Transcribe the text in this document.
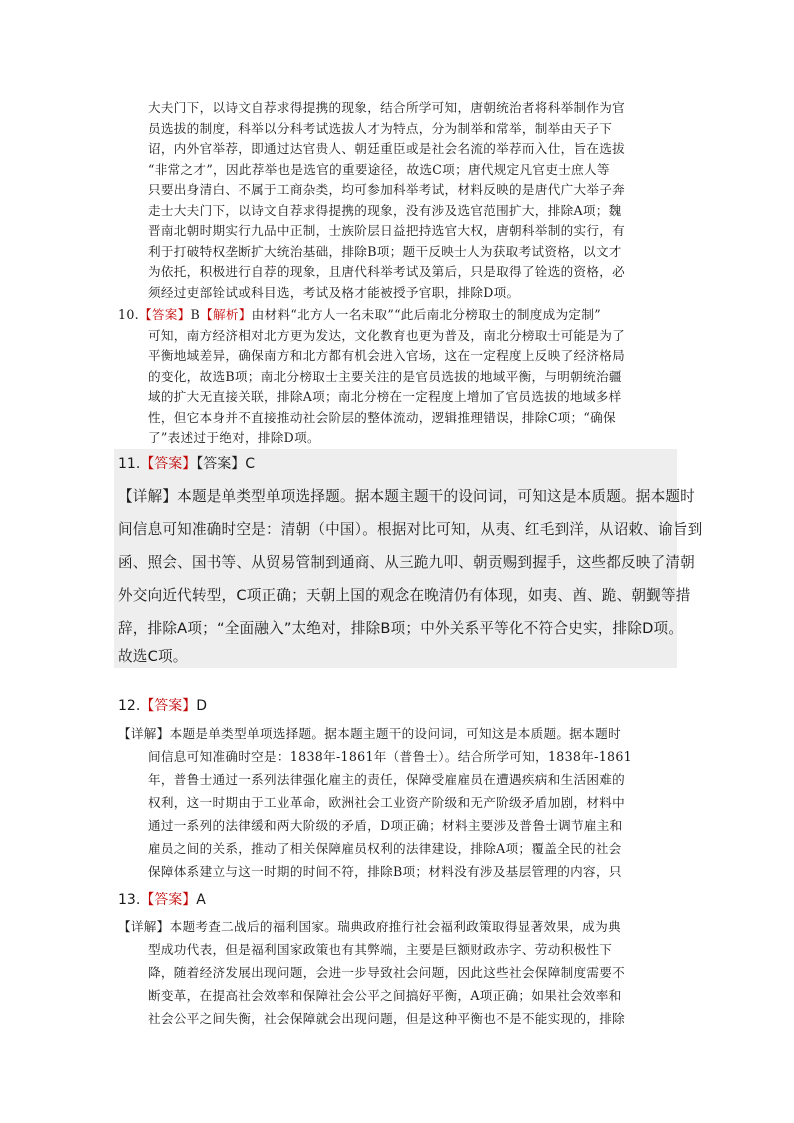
大夫门下，以诗文自荐求得提携的现象，结合所学可知，唐朝统治者将科举制作为官
员选拔的制度，科举以分科考试选拔人才为特点，分为制举和常举，制举由天子下
诏，内外官举荐，即通过达官贵人、朝廷重臣或是社会名流的举荐而入仕，旨在选拔
“非常之才”，因此荐举也是选官的重要途径，故选C项；唐代规定凡官吏士庶人等
只要出身清白、不属于工商杂类，均可参加科举考试，材料反映的是唐代广大举子奔
走士大夫门下，以诗文自荐求得提携的现象，没有涉及选官范围扩大，排除A项；魏
晋南北朝时期实行九品中正制，士族阶层日益把持选官大权，唐朝科举制的实行，有
利于打破特权垄断扩大统治基础，排除B项；题干反映士人为获取考试资格，以文才
为依托，积极进行自荐的现象，且唐代科举考试及第后，只是取得了铨选的资格，必
须经过吏部铨试或科目选，考试及格才能被授予官职，排除D项。
10.【答案】B【解析】由材料“北方人一名未取”“此后南北分榜取士的制度成为定制”
可知，南方经济相对北方更为发达，文化教育也更为普及，南北分榜取士可能是为了
平衡地域差异，确保南方和北方都有机会进入官场，这在一定程度上反映了经济格局
的变化，故选B项；南北分榜取士主要关注的是官员选拔的地域平衡，与明朝统治疆
域的扩大无直接关联，排除A项；南北分榜在一定程度上增加了官员选拔的地域多样
性，但它本身并不直接推动社会阶层的整体流动，逻辑推理错误，排除C项；“确保
了”表述过于绝对，排除D项。
11.【答案】【答案】C
【详解】本题是单类型单项选择题。据本题主题干的设问词，可知这是本质题。据本题时
间信息可知准确时空是：清朝（中国）。根据对比可知，从夷、红毛到洋，从诏敕、谕旨到
函、照会、国书等、从贸易管制到通商、从三跪九叩、朝贡赐到握手，这些都反映了清朝
外交向近代转型，C项正确；天朝上国的观念在晚清仍有体现，如夷、酋、跪、朝觐等措
辞，排除A项；“全面融入”太绝对，排除B项；中外关系平等化不符合史实，排除D项。
故选C项。
12.【答案】D
【详解】本题是单类型单项选择题。据本题主题干的设问词，可知这是本质题。据本题时
间信息可知准确时空是：1838年-1861年（普鲁士）。结合所学可知，1838年-1861
年，普鲁士通过一系列法律强化雇主的责任，保障受雇雇员在遭遇疾病和生活困难的
权利，这一时期由于工业革命，欧洲社会工业资产阶级和无产阶级矛盾加剧，材料中
通过一系列的法律缓和两大阶级的矛盾，D项正确；材料主要涉及普鲁士调节雇主和
雇员之间的关系，推动了相关保障雇员权利的法律建设，排除A项；覆盖全民的社会
保障体系建立与这一时期的时间不符，排除B项；材料没有涉及基层管理的内容，只
13.【答案】A
【详解】本题考查二战后的福利国家。瑞典政府推行社会福利政策取得显著效果，成为典
型成功代表，但是福利国家政策也有其弊端，主要是巨额财政赤字、劳动积极性下
降，随着经济发展出现问题，会进一步导致社会问题，因此这些社会保障制度需要不
断变革，在提高社会效率和保障社会公平之间搞好平衡，A项正确；如果社会效率和
社会公平之间失衡，社会保障就会出现问题，但是这种平衡也不是不能实现的，排除
